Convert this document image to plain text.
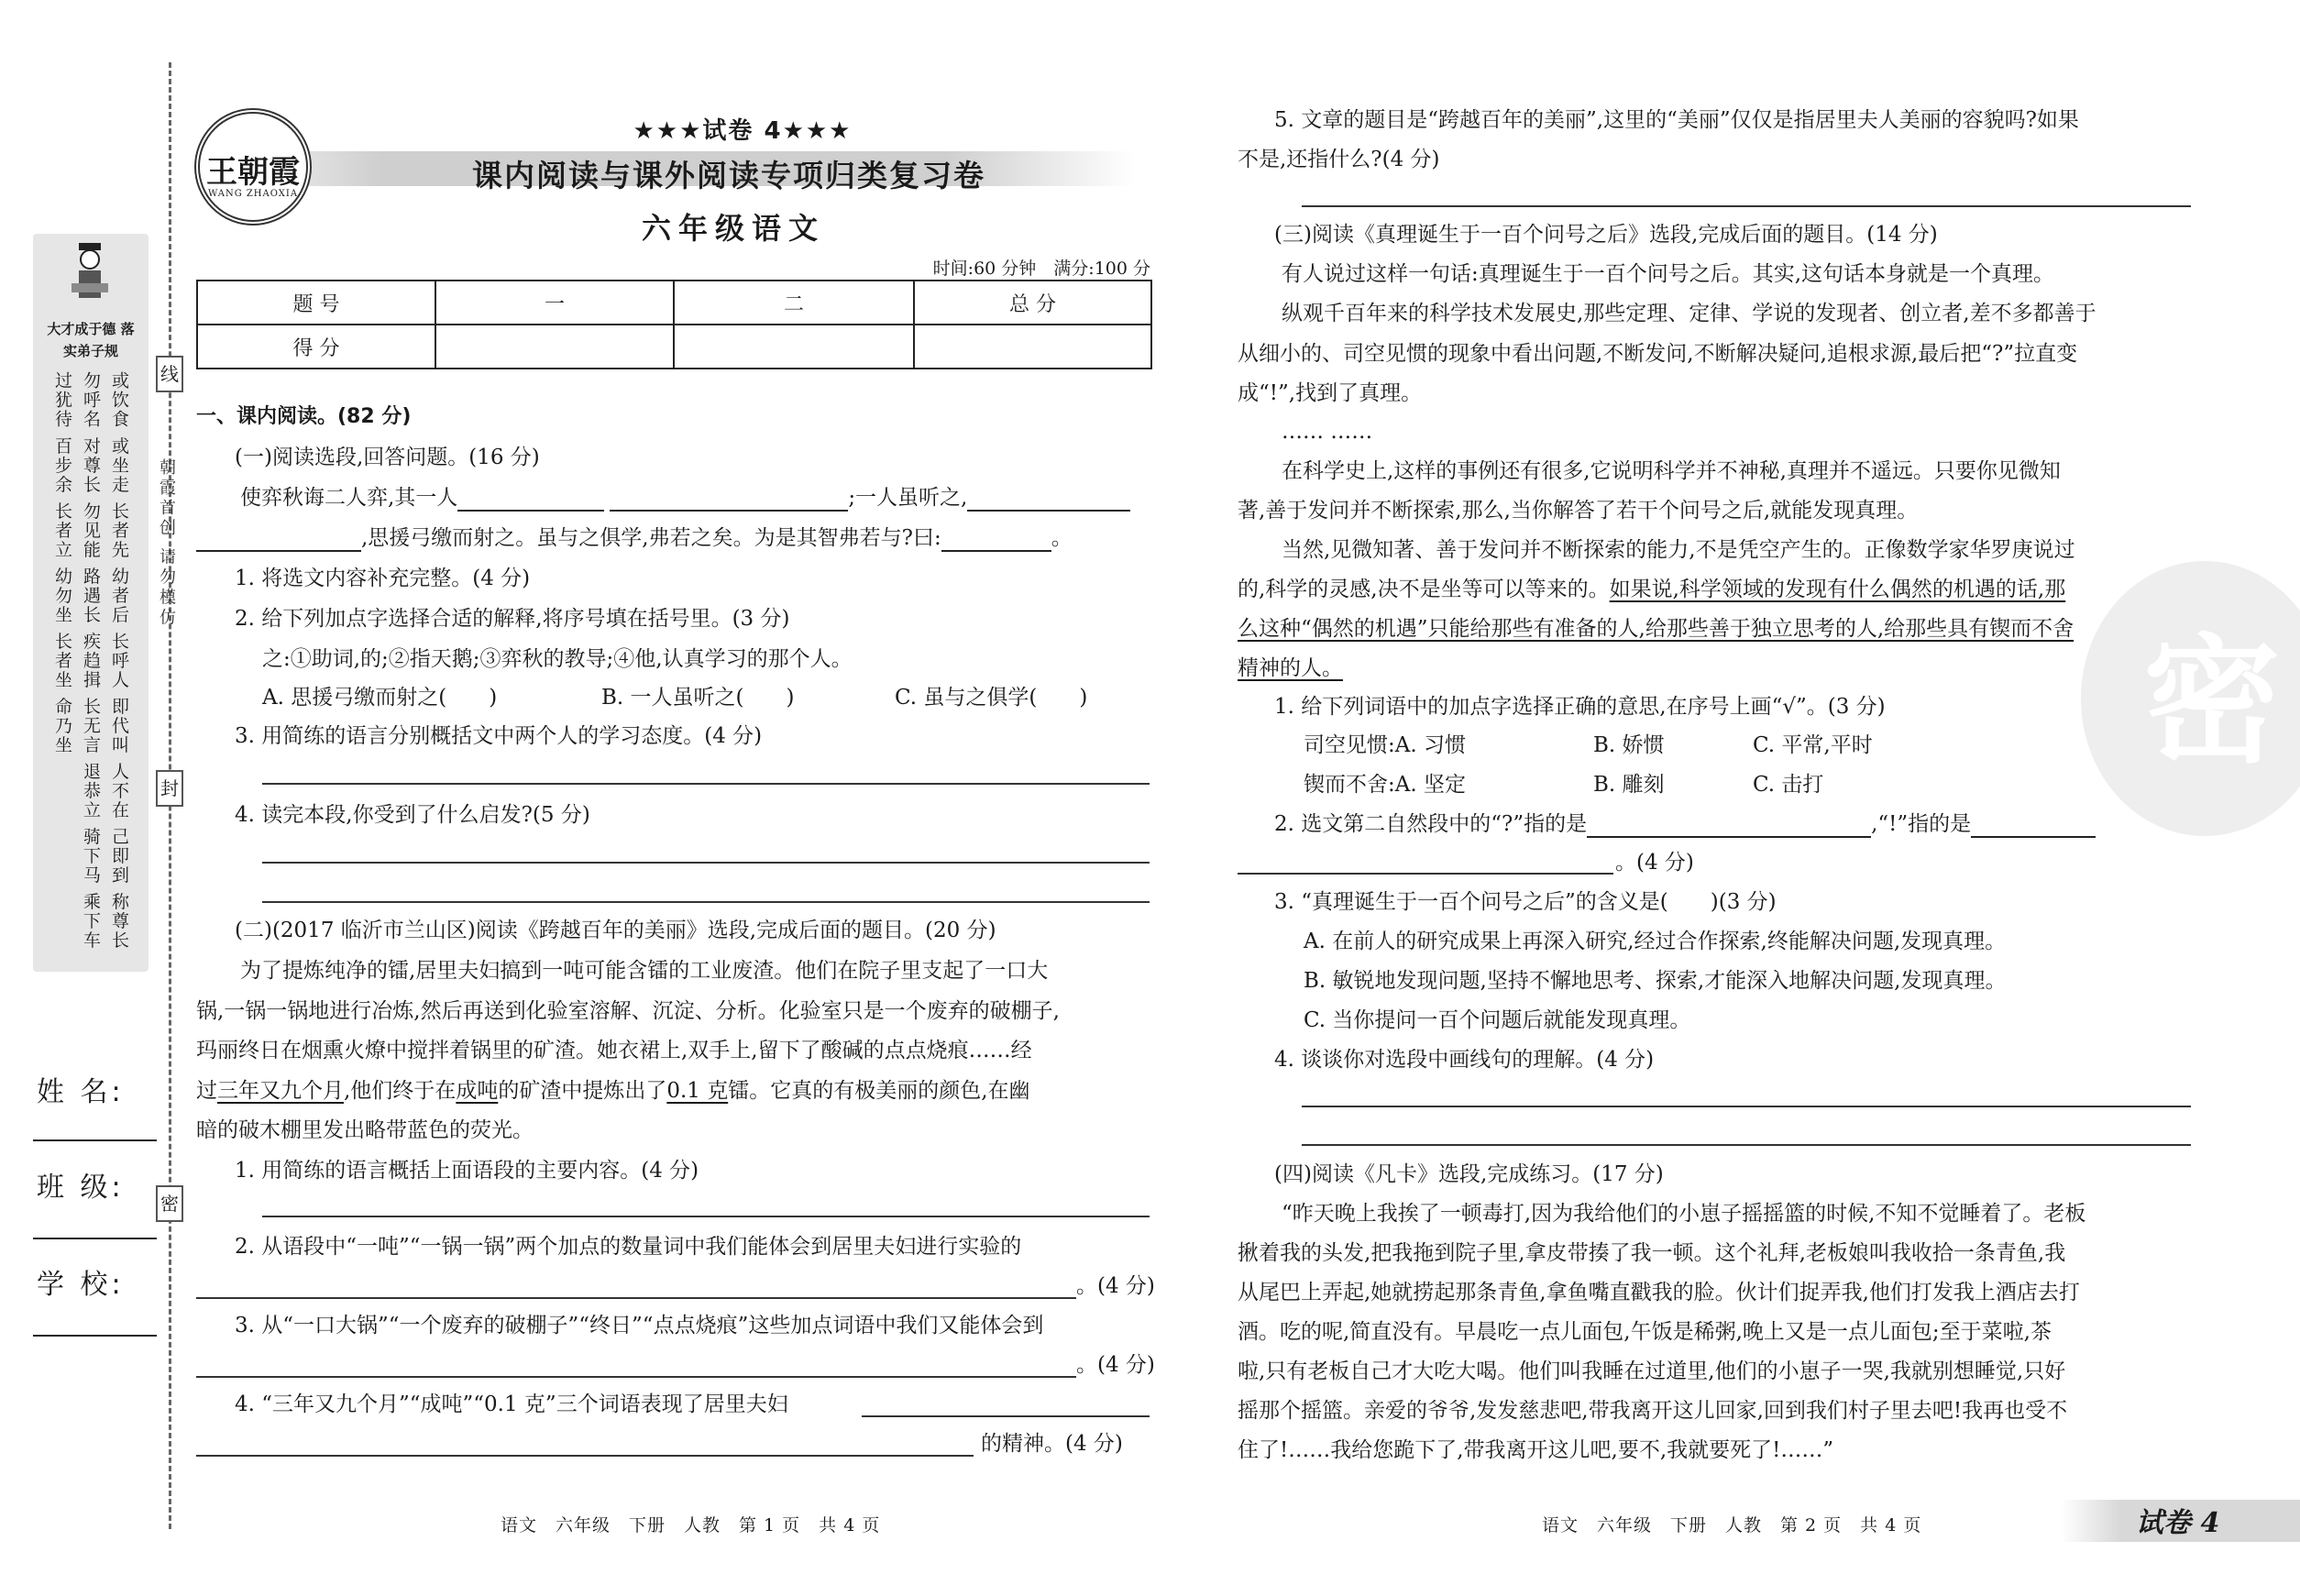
大才成于德 落实弟子规
或饮食 或坐走 长者先 幼者后 长呼人 即代叫 人不在 己即到 称尊长 勿呼名 对尊长 勿见能 路遇长 疾趋揖 长无言 退恭立 骑下马 乘下车 过犹待 百步余 长者立 幼勿坐 长者坐 命乃坐	线
朝霞首创 请勿模仿
封
密
姓 名:
班 级:
学 校:
王朝霞
WANG ZHAOXIA
★★★试卷 4★★★
课内阅读与课外阅读专项归类复习卷
六年级语文
时间:60 分钟　满分:100 分
题 号	一	二	总 分
得 分			
一、课内阅读。(82 分)
(一)阅读选段,回答问题。(16 分)
使弈秋诲二人弈,其一人	;一人虽听之,
,思援弓缴而射之。虽与之俱学,弗若之矣。为是其智弗若与?曰:	。
1. 将选文内容补充完整。(4 分)
2. 给下列加点字选择合适的解释,将序号填在括号里。(3 分)
之:①助词,的;②指天鹅;③弈秋的教导;④他,认真学习的那个人。
A. 思援弓缴而射之(　　)	B. 一人虽听之(　　)	C. 虽与之俱学(　　)
3. 用简练的语言分别概括文中两个人的学习态度。(4 分)
4. 读完本段,你受到了什么启发?(5 分)
(二)(2017 临沂市兰山区)阅读《跨越百年的美丽》选段,完成后面的题目。(20 分)
为了提炼纯净的镭,居里夫妇搞到一吨可能含镭的工业废渣。他们在院子里支起了一口大
锅,一锅一锅地进行冶炼,然后再送到化验室溶解、沉淀、分析。化验室只是一个废弃的破棚子,
玛丽终日在烟熏火燎中搅拌着锅里的矿渣。她衣裙上,双手上,留下了酸碱的点点烧痕……经
过三年又九个月,他们终于在成吨的矿渣中提炼出了0.1 克镭。它真的有极美丽的颜色,在幽
暗的破木棚里发出略带蓝色的荧光。
1. 用简练的语言概括上面语段的主要内容。(4 分)
2. 从语段中“一吨”“一锅一锅”两个加点的数量词中我们能体会到居里夫妇进行实验的
。(4 分)
3. 从“一口大锅”“一个废弃的破棚子”“终日”“点点烧痕”这些加点词语中我们又能体会到
。(4 分)
4. “三年又九个月”“成吨”“0.1 克”三个词语表现了居里夫妇
的精神。(4 分)
语文　六年级　下册　人教　第 1 页　共 4 页
密
5. 文章的题目是“跨越百年的美丽”,这里的“美丽”仅仅是指居里夫人美丽的容貌吗?如果
不是,还指什么?(4 分)
(三)阅读《真理诞生于一百个问号之后》选段,完成后面的题目。(14 分)
有人说过这样一句话:真理诞生于一百个问号之后。其实,这句话本身就是一个真理。
纵观千百年来的科学技术发展史,那些定理、定律、学说的发现者、创立者,差不多都善于
从细小的、司空见惯的现象中看出问题,不断发问,不断解决疑问,追根求源,最后把“?”拉直变
成“!”,找到了真理。
…… ……
在科学史上,这样的事例还有很多,它说明科学并不神秘,真理并不遥远。只要你见微知
著,善于发问并不断探索,那么,当你解答了若干个问号之后,就能发现真理。
当然,见微知著、善于发问并不断探索的能力,不是凭空产生的。正像数学家华罗庚说过
的,科学的灵感,决不是坐等可以等来的。如果说,科学领域的发现有什么偶然的机遇的话,那
么这种“偶然的机遇”只能给那些有准备的人,给那些善于独立思考的人,给那些具有锲而不舍
精神的人。
1. 给下列词语中的加点字选择正确的意思,在序号上画“√”。(3 分)
司空见惯:A. 习惯	B. 娇惯	C. 平常,平时
锲而不舍:A. 坚定	B. 雕刻	C. 击打
2. 选文第二自然段中的“?”指的是	,“!”指的是
。(4 分)
3. “真理诞生于一百个问号之后”的含义是(　　)(3 分)
A. 在前人的研究成果上再深入研究,经过合作探索,终能解决问题,发现真理。
B. 敏锐地发现问题,坚持不懈地思考、探索,才能深入地解决问题,发现真理。
C. 当你提问一百个问题后就能发现真理。
4. 谈谈你对选段中画线句的理解。(4 分)
(四)阅读《凡卡》选段,完成练习。(17 分)
“昨天晚上我挨了一顿毒打,因为我给他们的小崽子摇摇篮的时候,不知不觉睡着了。老板
揪着我的头发,把我拖到院子里,拿皮带揍了我一顿。这个礼拜,老板娘叫我收拾一条青鱼,我
从尾巴上弄起,她就捞起那条青鱼,拿鱼嘴直戳我的脸。伙计们捉弄我,他们打发我上酒店去打
酒。吃的呢,简直没有。早晨吃一点儿面包,午饭是稀粥,晚上又是一点儿面包;至于菜啦,茶
啦,只有老板自己才大吃大喝。他们叫我睡在过道里,他们的小崽子一哭,我就别想睡觉,只好
摇那个摇篮。亲爱的爷爷,发发慈悲吧,带我离开这儿回家,回到我们村子里去吧!我再也受不
住了!……我给您跪下了,带我离开这儿吧,要不,我就要死了!……”
语文　六年级　下册　人教　第 2 页　共 4 页	试卷 4
